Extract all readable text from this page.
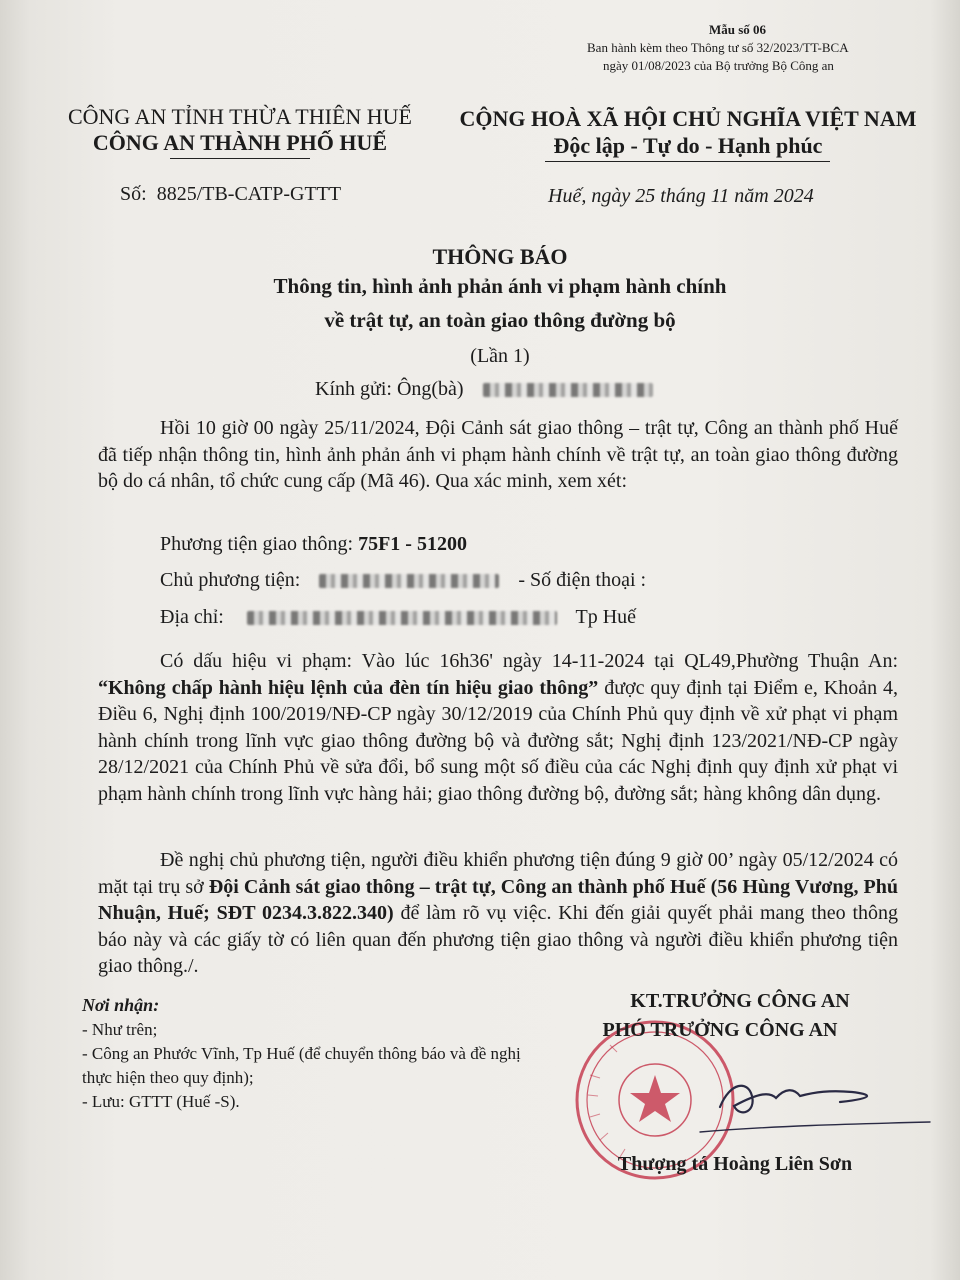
Mẫu số 06
Ban hành kèm theo Thông tư số 32/2023/TT-BCA
ngày 01/08/2023 của Bộ trưởng Bộ Công an
CÔNG AN TỈNH THỪA THIÊN HUẾ
CÔNG AN THÀNH PHỐ HUẾ
Số: 8825/TB-CATP-GTTT
CỘNG HOÀ XÃ HỘI CHỦ NGHĨA VIỆT NAM
Độc lập - Tự do - Hạnh phúc
Huế, ngày 25 tháng 11 năm 2024
THÔNG BÁO
Thông tin, hình ảnh phản ánh vi phạm hành chính
về trật tự, an toàn giao thông đường bộ
(Lần 1)
Kính gửi: Ông(bà)
Hồi 10 giờ 00 ngày 25/11/2024, Đội Cảnh sát giao thông – trật tự, Công an thành phố Huế đã tiếp nhận thông tin, hình ảnh phản ánh vi phạm hành chính về trật tự, an toàn giao thông đường bộ do cá nhân, tổ chức cung cấp (Mã 46). Qua xác minh, xem xét:
Phương tiện giao thông: 75F1 - 51200
Chủ phương tiện:	- Số điện thoại :
Địa chỉ:	Tp Huế
Có dấu hiệu vi phạm: Vào lúc 16h36' ngày 14-11-2024 tại QL49,Phường Thuận An: “Không chấp hành hiệu lệnh của đèn tín hiệu giao thông” được quy định tại Điểm e, Khoản 4, Điều 6, Nghị định 100/2019/NĐ-CP ngày 30/12/2019 của Chính Phủ quy định về xử phạt vi phạm hành chính trong lĩnh vực giao thông đường bộ và đường sắt; Nghị định 123/2021/NĐ-CP ngày 28/12/2021 của Chính Phủ về sửa đổi, bổ sung một số điều của các Nghị định quy định xử phạt vi phạm hành chính trong lĩnh vực hàng hải; giao thông đường bộ, đường sắt; hàng không dân dụng.
Đề nghị chủ phương tiện, người điều khiển phương tiện đúng 9 giờ 00’ ngày 05/12/2024 có mặt tại trụ sở Đội Cảnh sát giao thông – trật tự, Công an thành phố Huế (56 Hùng Vương, Phú Nhuận, Huế; SĐT 0234.3.822.340) để làm rõ vụ việc. Khi đến giải quyết phải mang theo thông báo này và các giấy tờ có liên quan đến phương tiện giao thông và người điều khiển phương tiện giao thông./.
Nơi nhận:
- Như trên;
- Công an Phước Vĩnh, Tp Huế (để chuyển thông báo và đề nghị thực hiện theo quy định);
- Lưu: GTTT (Huế -S).
KT.TRƯỞNG CÔNG AN
PHÓ TRƯỞNG CÔNG AN
Thượng tá Hoàng Liên Sơn
